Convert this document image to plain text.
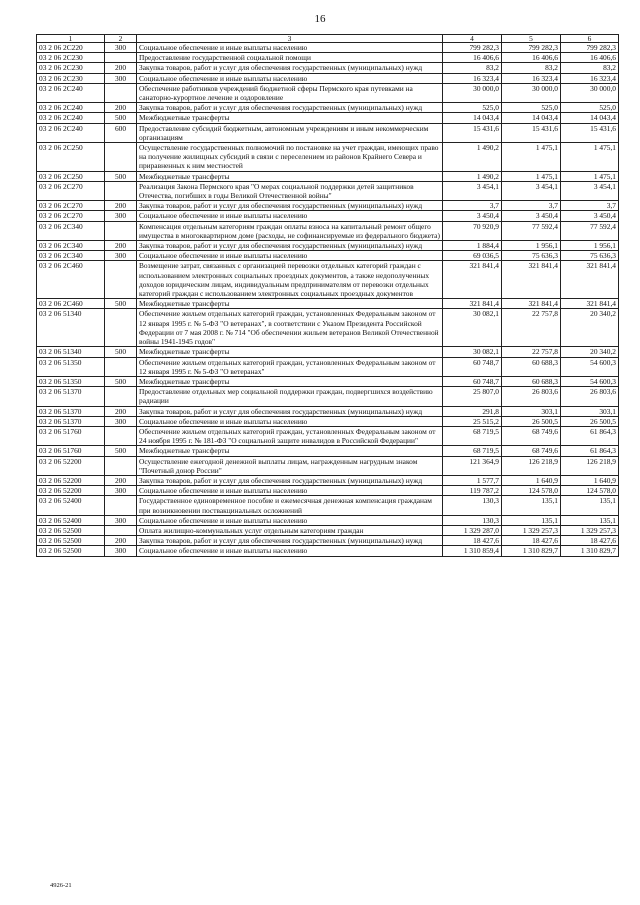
16
1	2	3	4	5	6
03 2 06 2С220	300	Социальное обеспечение и иные выплаты населению	799 282,3	799 282,3	799 282,3
03 2 06 2С230		Предоставление государственной социальной помощи	16 406,6	16 406,6	16 406,6
03 2 06 2С230	200	Закупка товаров, работ и услуг для обеспечения государственных (муниципальных) нужд	83,2	83,2	83,2
03 2 06 2С230	300	Социальное обеспечение и иные выплаты населению	16 323,4	16 323,4	16 323,4
03 2 06 2С240		Обеспечение работников учреждений бюджетной сферы Пермского края путевками на санаторно-курортное лечение и оздоровление	30 000,0	30 000,0	30 000,0
03 2 06 2С240	200	Закупка товаров, работ и услуг для обеспечения государственных (муниципальных) нужд	525,0	525,0	525,0
03 2 06 2С240	500	Межбюджетные трансферты	14 043,4	14 043,4	14 043,4
03 2 06 2С240	600	Предоставление субсидий бюджетным, автономным учреждениям и иным некоммерческим организациям	15 431,6	15 431,6	15 431,6
03 2 06 2С250		Осуществление государственных полномочий по постановке на учет граждан, имеющих право на получение жилищных субсидий в связи с переселением из районов Крайнего Севера и приравненных к ним местностей	1 490,2	1 475,1	1 475,1
03 2 06 2С250	500	Межбюджетные трансферты	1 490,2	1 475,1	1 475,1
03 2 06 2С270		Реализация Закона Пермского края "О мерах социальной поддержки детей защитников Отечества, погибших в годы Великой Отечественной войны"	3 454,1	3 454,1	3 454,1
03 2 06 2С270	200	Закупка товаров, работ и услуг для обеспечения государственных (муниципальных) нужд	3,7	3,7	3,7
03 2 06 2С270	300	Социальное обеспечение и иные выплаты населению	3 450,4	3 450,4	3 450,4
03 2 06 2С340		Компенсация отдельным категориям граждан оплаты взноса на капитальный ремонт общего имущества в многоквартирном доме (расходы, не софинансируемые из федерального бюджета)	70 920,9	77 592,4	77 592,4
03 2 06 2С340	200	Закупка товаров, работ и услуг для обеспечения государственных (муниципальных) нужд	1 884,4	1 956,1	1 956,1
03 2 06 2С340	300	Социальное обеспечение и иные выплаты населению	69 036,5	75 636,3	75 636,3
03 2 06 2С460		Возмещение затрат, связанных с организацией перевозки отдельных категорий граждан с использованием электронных социальных проездных документов, а также недополученных доходов юридическим лицам, индивидуальным предпринимателям от перевозки отдельных категорий граждан с использованием электронных социальных проездных документов	321 841,4	321 841,4	321 841,4
03 2 06 2С460	500	Межбюджетные трансферты	321 841,4	321 841,4	321 841,4
03 2 06 51340		Обеспечение жильем отдельных категорий граждан, установленных Федеральным законом от 12 января 1995 г. № 5-ФЗ "О ветеранах", в соответствии с Указом Президента Российской Федерации от 7 мая 2008 г. № 714 "Об обеспечении жильем ветеранов Великой Отечественной войны 1941-1945 годов"	30 082,1	22 757,8	20 340,2
03 2 06 51340	500	Межбюджетные трансферты	30 082,1	22 757,8	20 340,2
03 2 06 51350		Обеспечение жильем отдельных категорий граждан, установленных Федеральным законом от 12 января 1995 г. № 5-ФЗ "О ветеранах"	60 748,7	60 688,3	54 600,3
03 2 06 51350	500	Межбюджетные трансферты	60 748,7	60 688,3	54 600,3
03 2 06 51370		Предоставление отдельных мер социальной поддержки граждан, подвергшихся воздействию радиации	25 807,0	26 803,6	26 803,6
03 2 06 51370	200	Закупка товаров, работ и услуг для обеспечения государственных (муниципальных) нужд	291,8	303,1	303,1
03 2 06 51370	300	Социальное обеспечение и иные выплаты населению	25 515,2	26 500,5	26 500,5
03 2 06 51760		Обеспечение жильем отдельных категорий граждан, установленных Федеральным законом от 24 ноября 1995 г. № 181-ФЗ "О социальной защите инвалидов в Российской Федерации"	68 719,5	68 749,6	61 864,3
03 2 06 51760	500	Межбюджетные трансферты	68 719,5	68 749,6	61 864,3
03 2 06 52200		Осуществление ежегодной денежной выплаты лицам, награжденным нагрудным знаком "Почетный донор России"	121 364,9	126 218,9	126 218,9
03 2 06 52200	200	Закупка товаров, работ и услуг для обеспечения государственных (муниципальных) нужд	1 577,7	1 640,9	1 640,9
03 2 06 52200	300	Социальное обеспечение и иные выплаты населению	119 787,2	124 578,0	124 578,0
03 2 06 52400		Государственное единовременное пособие и ежемесячная денежная компенсация гражданам при возникновении поствакцинальных осложнений	130,3	135,1	135,1
03 2 06 52400	300	Социальное обеспечение и иные выплаты населению	130,3	135,1	135,1
03 2 06 52500		Оплата жилищно-коммунальных услуг отдельным категориям граждан	1 329 287,0	1 329 257,3	1 329 257,3
03 2 06 52500	200	Закупка товаров, работ и услуг для обеспечения государственных (муниципальных) нужд	18 427,6	18 427,6	18 427,6
03 2 06 52500	300	Социальное обеспечение и иные выплаты населению	1 310 859,4	1 310 829,7	1 310 829,7
4926-21
